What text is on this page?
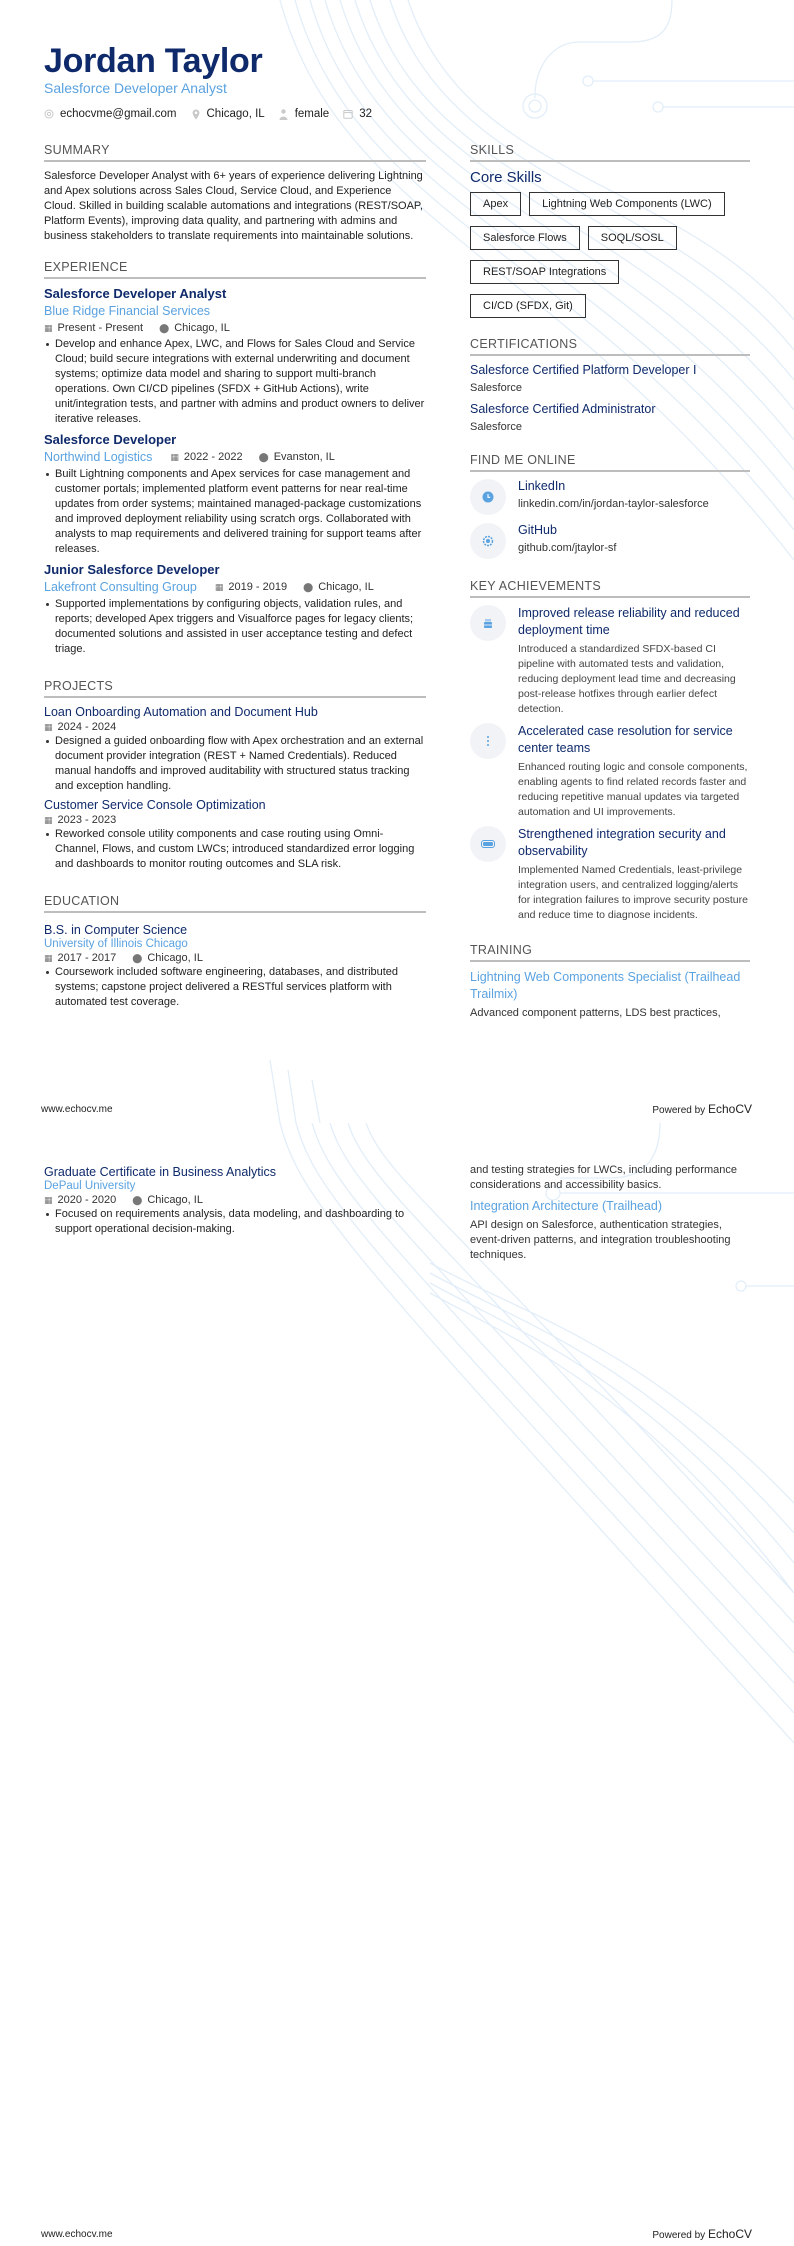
Jordan Taylor
Salesforce Developer Analyst
echocvme@gmail.com	Chicago, IL	female	32
SUMMARY

Salesforce Developer Analyst with 6+ years of experience delivering Lightning and Apex solutions across Sales Cloud, Service Cloud, and Experience Cloud. Skilled in building scalable automations and integrations (REST/SOAP, Platform Events), improving data quality, and partnering with admins and business stakeholders to translate requirements into maintainable solutions.

EXPERIENCE
Salesforce Developer Analyst
Blue Ridge Financial Services
▦ Present - Present ⬤ Chicago, IL
Develop and enhance Apex, LWC, and Flows for Sales Cloud and Service Cloud; build secure integrations with external underwriting and document systems; optimize data model and sharing to support multi-branch operations. Own CI/CD pipelines (SFDX + GitHub Actions), write unit/integration tests, and partner with admins and product owners to deliver iterative releases.
Salesforce Developer
Northwind Logistics ▦ 2022 - 2022 ⬤ Evanston, IL
Built Lightning components and Apex services for case management and customer portals; implemented platform event patterns for near real-time updates from order systems; maintained managed-package customizations and improved deployment reliability using scratch orgs. Collaborated with analysts to map requirements and delivered training for support teams after releases.
Junior Salesforce Developer
Lakefront Consulting Group ▦ 2019 - 2019 ⬤ Chicago, IL
Supported implementations by configuring objects, validation rules, and reports; developed Apex triggers and Visualforce pages for legacy clients; documented solutions and assisted in user acceptance testing and defect triage.
PROJECTS
Loan Onboarding Automation and Document Hub
▦ 2024 - 2024
Designed a guided onboarding flow with Apex orchestration and an external document provider integration (REST + Named Credentials). Reduced manual handoffs and improved auditability with structured status tracking and exception handling.
Customer Service Console Optimization
▦ 2023 - 2023
Reworked console utility components and case routing using Omni-Channel, Flows, and custom LWCs; introduced standardized error logging and dashboards to monitor routing outcomes and SLA risk.
EDUCATION
B.S. in Computer Science
University of Illinois Chicago
▦ 2017 - 2017 ⬤ Chicago, IL
Coursework included software engineering, databases, and distributed systems; capstone project delivered a RESTful services platform with automated test coverage.
SKILLS
Core Skills
Apex	Lightning Web Components (LWC)
Salesforce Flows	SOQL/SOSL
REST/SOAP Integrations
CI/CD (SFDX, Git)
CERTIFICATIONS
Salesforce Certified Platform Developer I
Salesforce
Salesforce Certified Administrator
Salesforce
FIND ME ONLINE
LinkedIn
linkedin.com/in/jordan-taylor-salesforce
GitHub
github.com/jtaylor-sf
KEY ACHIEVEMENTS
Improved release reliability and reduced deployment time
Introduced a standardized SFDX-based CI pipeline with automated tests and validation, reducing deployment lead time and decreasing post-release hotfixes through earlier defect detection.
Accelerated case resolution for service center teams
Enhanced routing logic and console components, enabling agents to find related records faster and reducing repetitive manual updates via targeted automation and UI improvements.
Strengthened integration security and observability
Implemented Named Credentials, least-privilege integration users, and centralized logging/alerts for integration failures to improve security posture and reduce time to diagnose incidents.
TRAINING
Lightning Web Components Specialist (Trailhead Trailmix)
Advanced component patterns, LDS best practices,
www.echocv.me	Powered by EchoCV
Graduate Certificate in Business Analytics
DePaul University
▦ 2020 - 2020 ⬤ Chicago, IL
Focused on requirements analysis, data modeling, and dashboarding to support operational decision-making.
and testing strategies for LWCs, including performance considerations and accessibility basics.
Integration Architecture (Trailhead)
API design on Salesforce, authentication strategies, event-driven patterns, and integration troubleshooting techniques.
www.echocv.me	Powered by EchoCV
